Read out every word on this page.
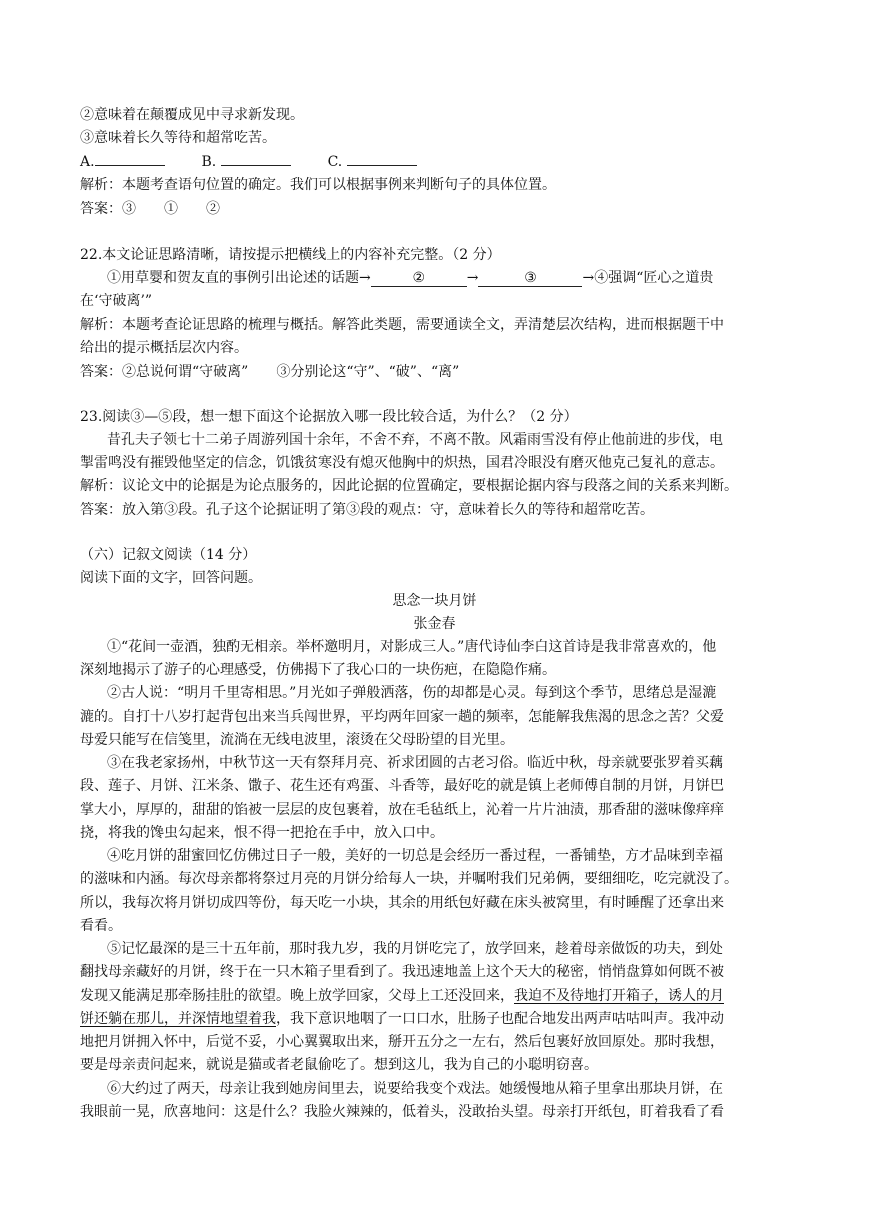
②意味着在颠覆成见中寻求新发现。
③意味着长久等待和超常吃苦。
A.	B.	C.
解析：本题考查语句位置的确定。我们可以根据事例来判断句子的具体位置。
答案：③　　①　　②
22.本文论证思路清晰，请按提示把横线上的内容补充完整。（2 分）
①用草婴和贺友直的事例引出论述的话题→	②	→	③	→④强调“匠心之道贵
在‘守破离’”
解析：本题考查论证思路的梳理与概括。解答此类题，需要通读全文，弄清楚层次结构，进而根据题干中
给出的提示概括层次内容。
答案：②总说何谓“守破离”　　③分别论这“守”、“破”、“离”
23.阅读③—⑤段，想一想下面这个论据放入哪一段比较合适，为什么？（2 分）
昔孔夫子领七十二弟子周游列国十余年，不舍不弃，不离不散。风霜雨雪没有停止他前进的步伐，电
掣雷鸣没有摧毁他坚定的信念，饥饿贫寒没有熄灭他胸中的炽热，国君冷眼没有磨灭他克己复礼的意志。
解析：议论文中的论据是为论点服务的，因此论据的位置确定，要根据论据内容与段落之间的关系来判断。
答案：放入第③段。孔子这个论据证明了第③段的观点：守，意味着长久的等待和超常吃苦。
（六）记叙文阅读（14 分）
阅读下面的文字，回答问题。
思念一块月饼
张金春
①“花间一壶酒，独酌无相亲。举杯邀明月，对影成三人。”唐代诗仙李白这首诗是我非常喜欢的，他
深刻地揭示了游子的心理感受，仿佛揭下了我心口的一块伤疤，在隐隐作痛。
②古人说：“明月千里寄相思。”月光如子弹般洒落，伤的却都是心灵。每到这个季节，思绪总是湿漉
漉的。自打十八岁打起背包出来当兵闯世界，平均两年回家一趟的频率，怎能解我焦渴的思念之苦？父爱
母爱只能写在信笺里，流淌在无线电波里，滚烫在父母盼望的目光里。
③在我老家扬州，中秋节这一天有祭拜月亮、祈求团圆的古老习俗。临近中秋，母亲就要张罗着买藕
段、莲子、月饼、江米条、馓子、花生还有鸡蛋、斗香等，最好吃的就是镇上老师傅自制的月饼，月饼巴
掌大小，厚厚的，甜甜的馅被一层层的皮包裹着，放在毛毡纸上，沁着一片片油渍，那香甜的滋味像痒痒
挠，将我的馋虫勾起来，恨不得一把抢在手中，放入口中。
④吃月饼的甜蜜回忆仿佛过日子一般，美好的一切总是会经历一番过程，一番铺垫，方才品味到幸福
的滋味和内涵。每次母亲都将祭过月亮的月饼分给每人一块，并嘱咐我们兄弟俩，要细细吃，吃完就没了。
所以，我每次将月饼切成四等份，每天吃一小块，其余的用纸包好藏在床头被窝里，有时睡醒了还拿出来
看看。
⑤记忆最深的是三十五年前，那时我九岁，我的月饼吃完了，放学回来，趁着母亲做饭的功夫，到处
翻找母亲藏好的月饼，终于在一只木箱子里看到了。我迅速地盖上这个天大的秘密，悄悄盘算如何既不被
发现又能满足那牵肠挂肚的欲望。晚上放学回家，父母上工还没回来，我迫不及待地打开箱子，诱人的月
饼还躺在那儿，并深情地望着我，我下意识地咽了一口口水，肚肠子也配合地发出两声咕咕叫声。我冲动
地把月饼拥入怀中，后觉不妥，小心翼翼取出来，掰开五分之一左右，然后包裹好放回原处。那时我想，
要是母亲责问起来，就说是猫或者老鼠偷吃了。想到这儿，我为自己的小聪明窃喜。
⑥大约过了两天，母亲让我到她房间里去，说要给我变个戏法。她缓慢地从箱子里拿出那块月饼，在
我眼前一晃，欣喜地问：这是什么？我脸火辣辣的，低着头，没敢抬头望。母亲打开纸包，盯着我看了看
